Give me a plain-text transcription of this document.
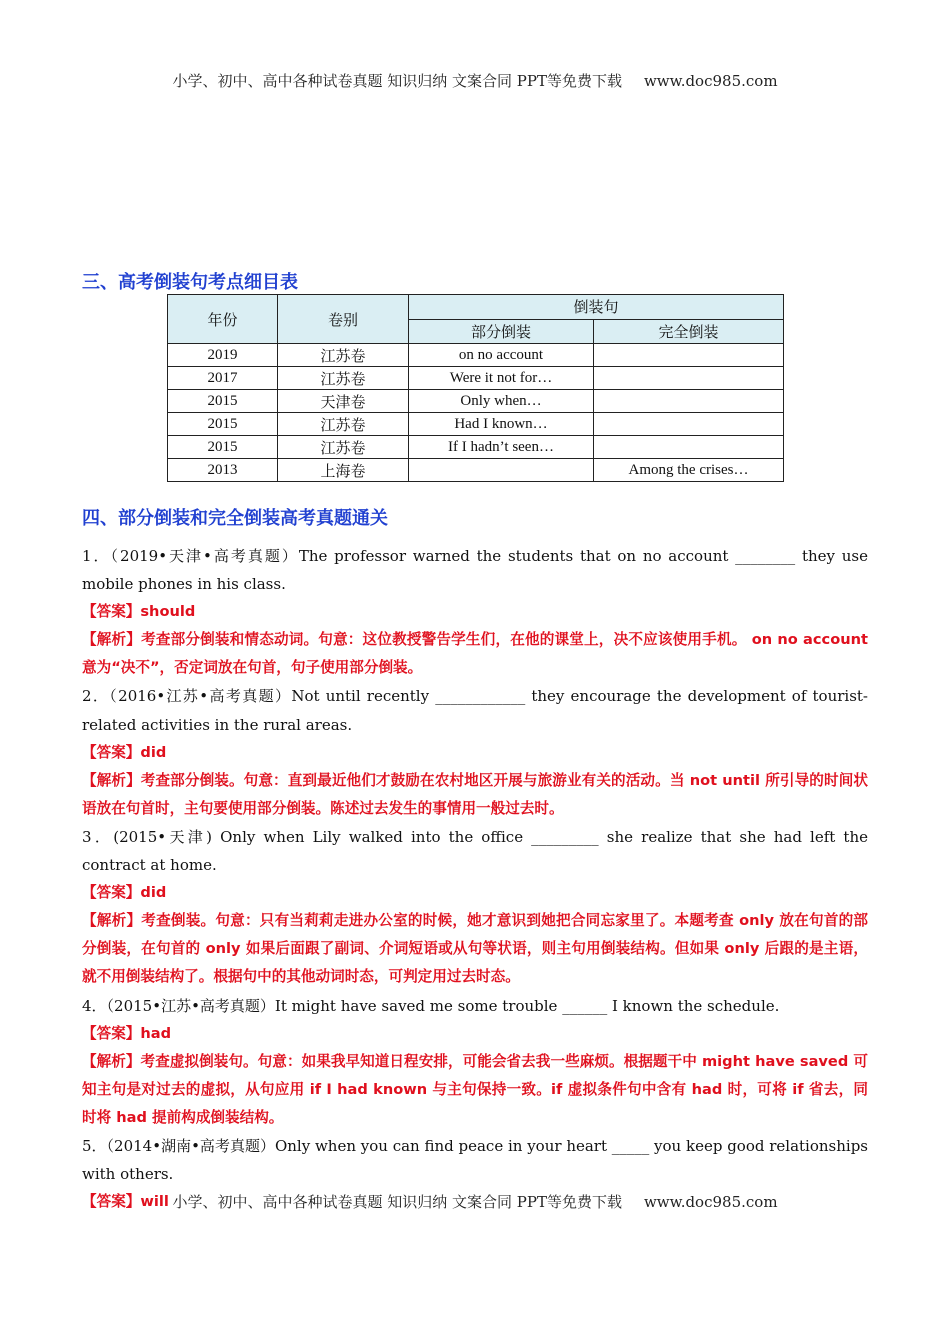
小学、初中、高中各种试卷真题 知识归纳 文案合同 PPT等免费下载 www.doc985.com
三、高考倒装句考点细目表
年份	卷别	倒装句	
		部分倒装	完全倒装
2019	江苏卷	on no account	
2017	江苏卷	Were it not for…	
2015	天津卷	Only when…	
2015	江苏卷	Had I known…	
2015	江苏卷	If I hadn’t seen…	
2013	上海卷		Among the crises…
四、部分倒装和完全倒装高考真题通关

1．（2019•天津•高考真题）The professor warned the students that on no account ________ they use mobile phones in his class.

【答案】should

【解析】考查部分倒装和情态动词。句意：这位教授警告学生们，在他的课堂上，决不应该使用手机。 on no account 意为“决不”，否定词放在句首，句子使用部分倒装。

2．（2016•江苏•高考真题）Not until recently ____________ they encourage the development of tourist-related activities in the rural areas.

【答案】did

【解析】考查部分倒装。句意：直到最近他们才鼓励在农村地区开展与旅游业有关的活动。当 not until 所引导的时间状语放在句首时，主句要使用部分倒装。陈述过去发生的事情用一般过去时。

3．(2015•天津) Only when Lily walked into the office _________ she realize that she had left the contract at home.

【答案】did

【解析】考查倒装。句意：只有当莉莉走进办公室的时候，她才意识到她把合同忘家里了。本题考查 only 放在句首的部分倒装，在句首的 only 如果后面跟了副词、介词短语或从句等状语，则主句用倒装结构。但如果 only 后跟的是主语，就不用倒装结构了。根据句中的其他动词时态，可判定用过去时态。

4．（2015•江苏•高考真题）It might have saved me some trouble ______ I known the schedule.

【答案】had

【解析】考查虚拟倒装句。句意：如果我早知道日程安排，可能会省去我一些麻烦。根据题干中 might have saved 可知主句是对过去的虚拟，从句应用 if I had known 与主句保持一致。if 虚拟条件句中含有 had 时，可将 if 省去，同时将 had 提前构成倒装结构。

5．（2014•湖南•高考真题）Only when you can find peace in your heart _____ you keep good relationships with others.

【答案】will 小学、初中、高中各种试卷真题 知识归纳 文案合同 PPT等免费下载 www.doc985.com
